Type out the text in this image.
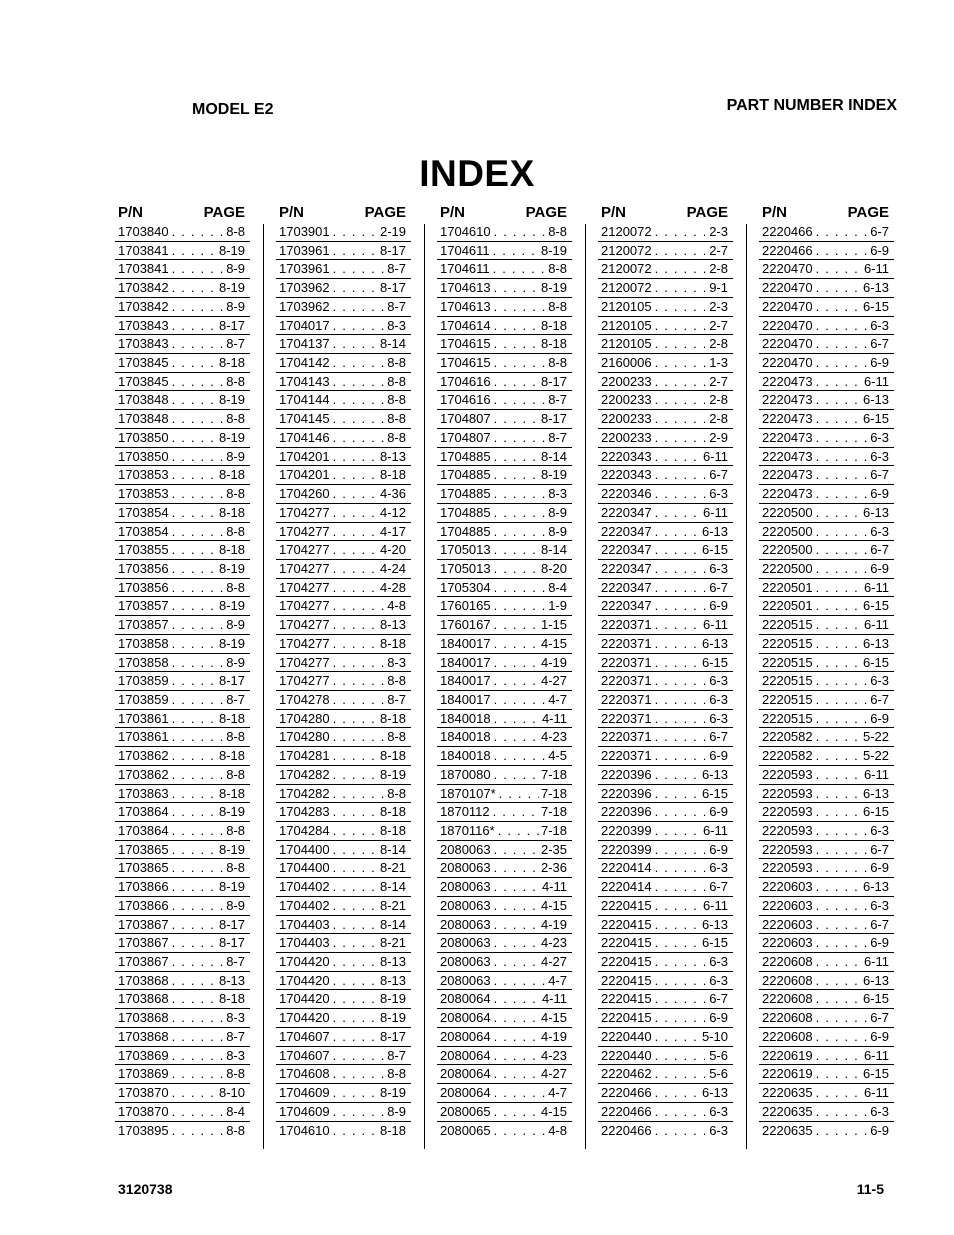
MODEL E2	PART NUMBER INDEX
INDEX
P/N	PAGE
1703840 . . .	8-8
1703841 . . .	8-19
1703841 . . .	8-9
1703842 . . .	8-19
1703842 . . .	8-9
1703843 . . .	8-17
1703843 . . .	8-7
1703845 . . .	8-18
1703845 . . .	8-8
1703848 . . .	8-19
1703848 . . .	8-8
1703850 . . .	8-19
1703850 . . .	8-9
1703853 . . .	8-18
1703853 . . .	8-8
1703854 . . .	8-18
1703854 . . .	8-8
1703855 . . .	8-18
1703856 . . .	8-19
1703856 . . .	8-8
1703857 . . .	8-19
1703857 . . .	8-9
1703858 . . .	8-19
1703858 . . .	8-9
1703859 . . .	8-17
1703859 . . .	8-7
1703861 . . .	8-18
1703861 . . .	8-8
1703862 . . .	8-18
1703862 . . .	8-8
1703863 . . .	8-18
1703864 . . .	8-19
1703864 . . .	8-8
1703865 . . .	8-19
1703865 . . .	8-8
1703866 . . .	8-19
1703866 . . .	8-9
1703867 . . .	8-17
1703867 . . .	8-17
1703867 . . .	8-7
1703868 . . .	8-13
1703868 . . .	8-18
1703868 . . .	8-3
1703868 . . .	8-7
1703869 . . .	8-3
1703869 . . .	8-8
1703870 . . .	8-10
1703870 . . .	8-4
1703895 . . .	8-8
P/N	PAGE
1703901 . . .	2-19
1703961 . . .	8-17
1703961 . . .	8-7
1703962 . . .	8-17
1703962 . . .	8-7
1704017 . . .	8-3
1704137 . . .	8-14
1704142 . . .	8-8
1704143 . . .	8-8
1704144 . . .	8-8
1704145 . . .	8-8
1704146 . . .	8-8
1704201 . . .	8-13
1704201 . . .	8-18
1704260 . . .	4-36
1704277 . . .	4-12
1704277 . . .	4-17
1704277 . . .	4-20
1704277 . . .	4-24
1704277 . . .	4-28
1704277 . . .	4-8
1704277 . . .	8-13
1704277 . . .	8-18
1704277 . . .	8-3
1704277 . . .	8-8
1704278 . . .	8-7
1704280 . . .	8-18
1704280 . . .	8-8
1704281 . . .	8-18
1704282 . . .	8-19
1704282 . . .	8-8
1704283 . . .	8-18
1704284 . . .	8-18
1704400 . . .	8-14
1704400 . . .	8-21
1704402 . . .	8-14
1704402 . . .	8-21
1704403 . . .	8-14
1704403 . . .	8-21
1704420 . . .	8-13
1704420 . . .	8-13
1704420 . . .	8-19
1704420 . . .	8-19
1704607 . . .	8-17
1704607 . . .	8-7
1704608 . . .	8-8
1704609 . . .	8-19
1704609 . . .	8-9
1704610 . . .	8-18
P/N	PAGE
1704610 . . .	8-8
1704611 . . .	8-19
1704611 . . .	8-8
1704613 . . .	8-19
1704613 . . .	8-8
1704614 . . .	8-18
1704615 . . .	8-18
1704615 . . .	8-8
1704616 . . .	8-17
1704616 . . .	8-7
1704807 . . .	8-17
1704807 . . .	8-7
1704885 . . .	8-14
1704885 . . .	8-19
1704885 . . .	8-3
1704885 . . .	8-9
1704885 . . .	8-9
1705013 . . .	8-14
1705013 . . .	8-20
1705304 . . .	8-4
1760165 . . .	1-9
1760167 . . .	1-15
1840017 . . .	4-15
1840017 . . .	4-19
1840017 . . .	4-27
1840017 . . .	4-7
1840018 . . .	4-11
1840018 . . .	4-23
1840018 . . .	4-5
1870080 . . .	7-18
1870107* . . .	7-18
1870112 . . .	7-18
1870116* . . .	7-18
2080063 . . .	2-35
2080063 . . .	2-36
2080063 . . .	4-11
2080063 . . .	4-15
2080063 . . .	4-19
2080063 . . .	4-23
2080063 . . .	4-27
2080063 . . .	4-7
2080064 . . .	4-11
2080064 . . .	4-15
2080064 . . .	4-19
2080064 . . .	4-23
2080064 . . .	4-27
2080064 . . .	4-7
2080065 . . .	4-15
2080065 . . .	4-8
P/N	PAGE
2120072 . . .	2-3
2120072 . . .	2-7
2120072 . . .	2-8
2120072 . . .	9-1
2120105 . . .	2-3
2120105 . . .	2-7
2120105 . . .	2-8
2160006 . . .	1-3
2200233 . . .	2-7
2200233 . . .	2-8
2200233 . . .	2-8
2200233 . . .	2-9
2220343 . . .	6-11
2220343 . . .	6-7
2220346 . . .	6-3
2220347 . . .	6-11
2220347 . . .	6-13
2220347 . . .	6-15
2220347 . . .	6-3
2220347 . . .	6-7
2220347 . . .	6-9
2220371 . . .	6-11
2220371 . . .	6-13
2220371 . . .	6-15
2220371 . . .	6-3
2220371 . . .	6-3
2220371 . . .	6-3
2220371 . . .	6-7
2220371 . . .	6-9
2220396 . . .	6-13
2220396 . . .	6-15
2220396 . . .	6-9
2220399 . . .	6-11
2220399 . . .	6-9
2220414 . . .	6-3
2220414 . . .	6-7
2220415 . . .	6-11
2220415 . . .	6-13
2220415 . . .	6-15
2220415 . . .	6-3
2220415 . . .	6-3
2220415 . . .	6-7
2220415 . . .	6-9
2220440 . . .	5-10
2220440 . . .	5-6
2220462 . . .	5-6
2220466 . . .	6-13
2220466 . . .	6-3
2220466 . . .	6-3
P/N	PAGE
2220466 . . .	6-7
2220466 . . .	6-9
2220470 . . .	6-11
2220470 . . .	6-13
2220470 . . .	6-15
2220470 . . .	6-3
2220470 . . .	6-7
2220470 . . .	6-9
2220473 . . .	6-11
2220473 . . .	6-13
2220473 . . .	6-15
2220473 . . .	6-3
2220473 . . .	6-3
2220473 . . .	6-7
2220473 . . .	6-9
2220500 . . .	6-13
2220500 . . .	6-3
2220500 . . .	6-7
2220500 . . .	6-9
2220501 . . .	6-11
2220501 . . .	6-15
2220515 . . .	6-11
2220515 . . .	6-13
2220515 . . .	6-15
2220515 . . .	6-3
2220515 . . .	6-7
2220515 . . .	6-9
2220582 . . .	5-22
2220582 . . .	5-22
2220593 . . .	6-11
2220593 . . .	6-13
2220593 . . .	6-15
2220593 . . .	6-3
2220593 . . .	6-7
2220593 . . .	6-9
2220603 . . .	6-13
2220603 . . .	6-3
2220603 . . .	6-7
2220603 . . .	6-9
2220608 . . .	6-11
2220608 . . .	6-13
2220608 . . .	6-15
2220608 . . .	6-7
2220608 . . .	6-9
2220619 . . .	6-11
2220619 . . .	6-15
2220635 . . .	6-11
2220635 . . .	6-3
2220635 . . .	6-9
3120738	11-5
